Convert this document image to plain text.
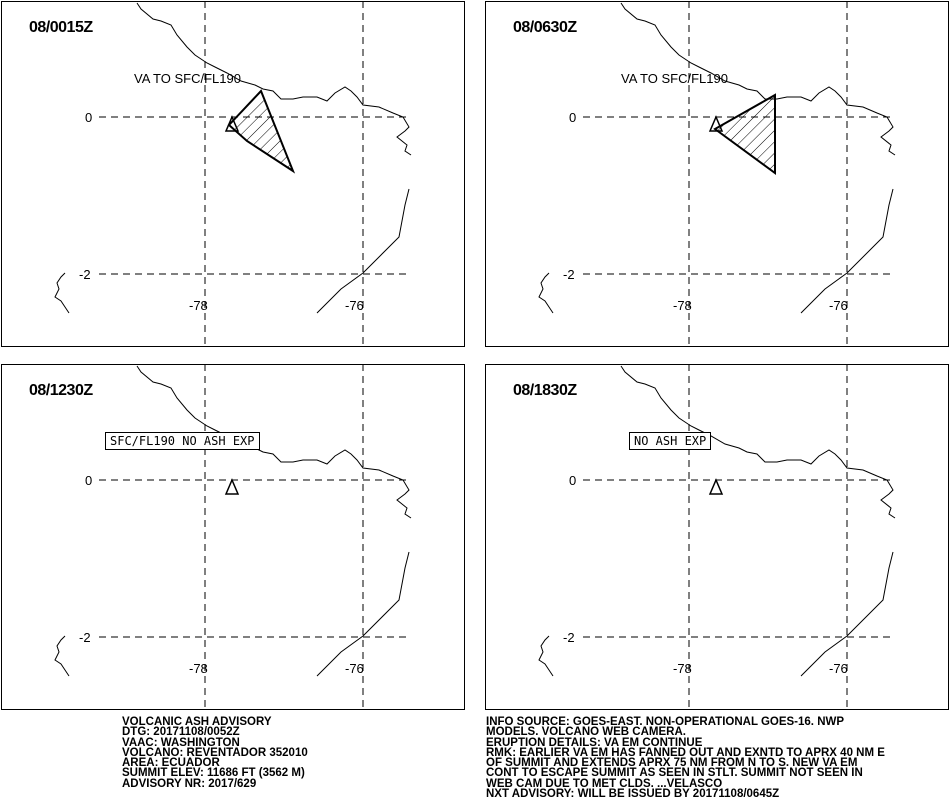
08/0015Z
VA TO SFC/FL190
0
-2
-78	-76
08/0630Z
VA TO SFC/FL190
0
-2
-78	-76
08/1230Z
SFC/FL190 NO ASH EXP
0
-2
-78	-76
08/1830Z
NO ASH EXP
0
-2
-78	-76
VOLCANIC ASH ADVISORY
DTG: 20171108/0052Z
VAAC: WASHINGTON
VOLCANO: REVENTADOR 352010
AREA: ECUADOR
SUMMIT ELEV: 11686 FT (3562 M)
ADVISORY NR: 2017/629
INFO SOURCE: GOES-EAST. NON-OPERATIONAL GOES-16. NWP
MODELS. VOLCANO WEB CAMERA.
ERUPTION DETAILS: VA EM CONTINUE
RMK: EARLIER VA EM HAS FANNED OUT AND EXNTD TO APRX 40 NM E
OF SUMMIT AND EXTENDS APRX 75 NM FROM N TO S. NEW VA EM
CONT TO ESCAPE SUMMIT AS SEEN IN STLT. SUMMIT NOT SEEN IN
WEB CAM DUE TO MET CLDS. ...VELASCO
NXT ADVISORY: WILL BE ISSUED BY 20171108/0645Z
